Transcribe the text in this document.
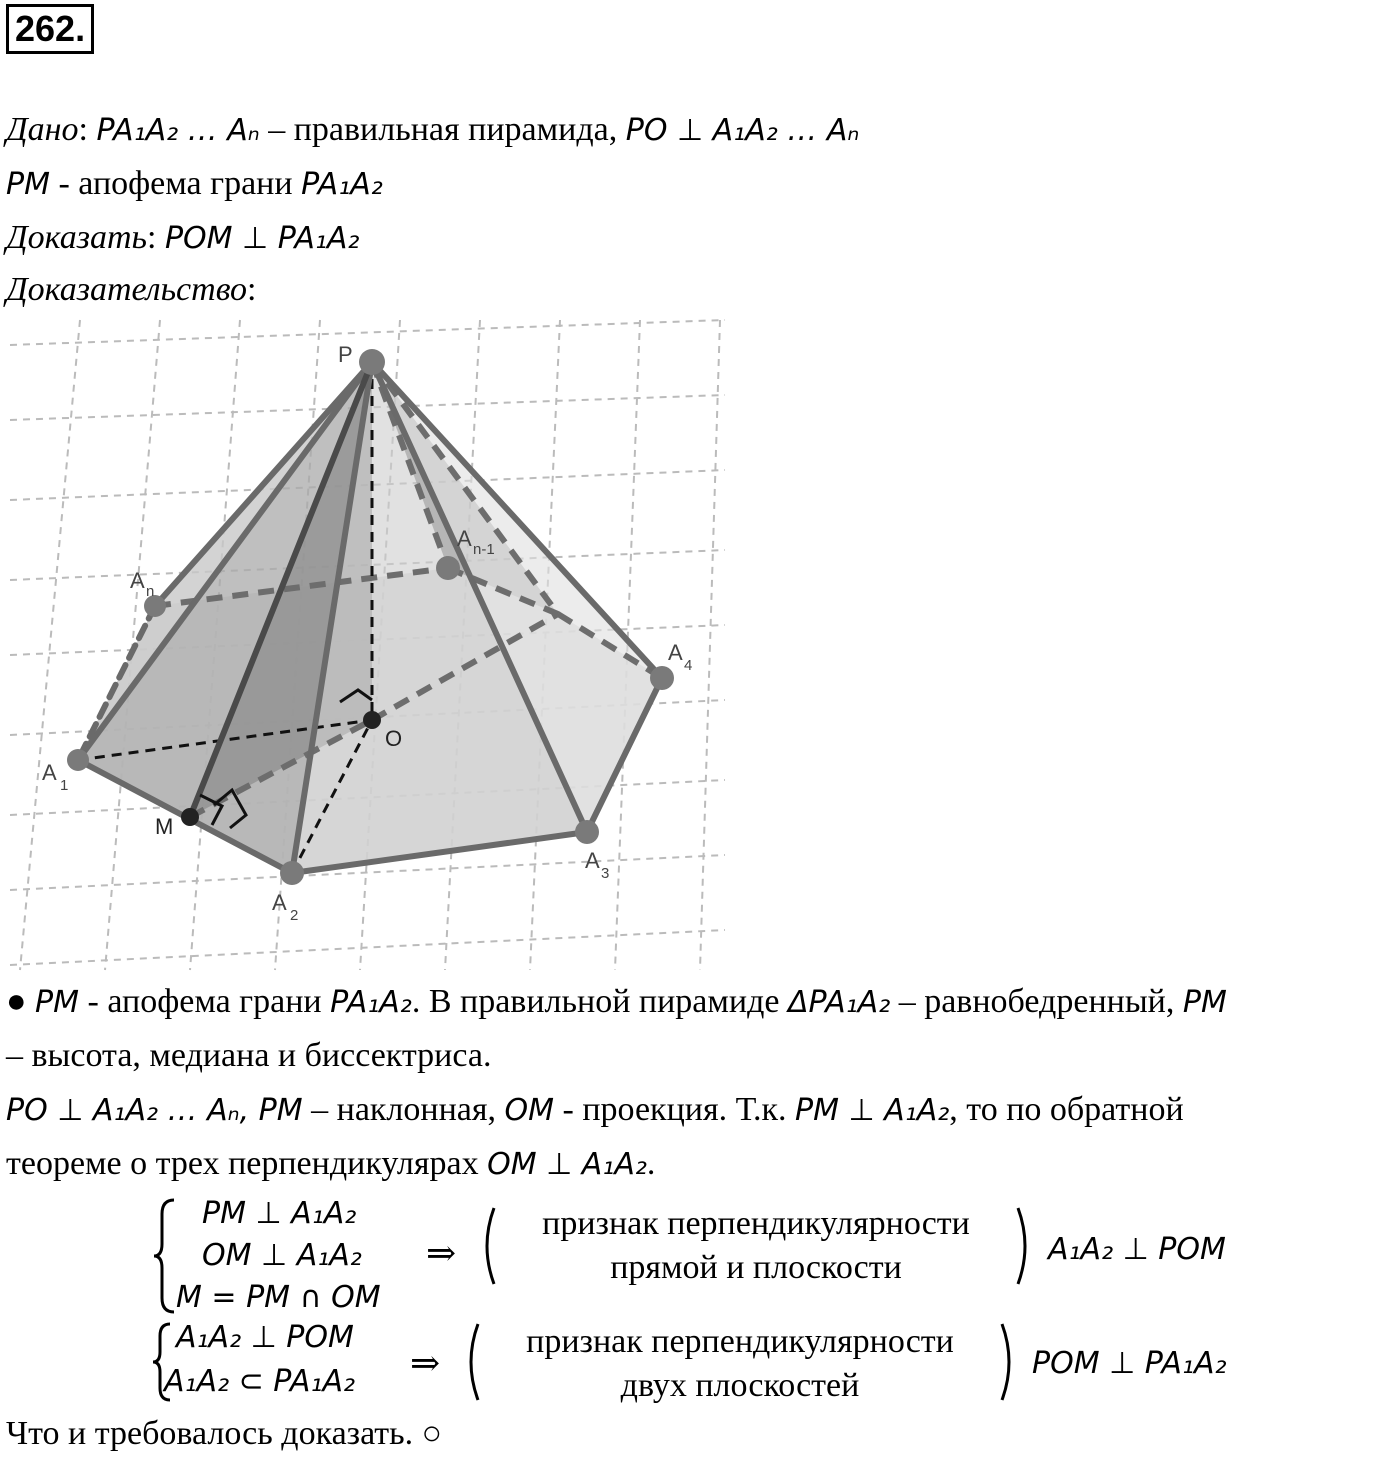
262.
Дано: PA₁A₂ … Aₙ – правильная пирамида, PO ⊥ A₁A₂ … Aₙ
PM - апофема грани PA₁A₂
Доказать: POM ⊥ PA₁A₂
Доказательство:
P
A
1
A
2
A
3
A
4
A n
A n-1
O
M
● PM - апофема грани PA₁A₂. В правильной пирамиде ΔPA₁A₂ – равнобедренный, PM
– высота, медиана и биссектриса.
PO ⊥ A₁A₂ … Aₙ, PM – наклонная, OM - проекция. Т.к. PM ⊥ A₁A₂, то по обратной
теореме о трех перпендикулярах OM ⊥ A₁A₂.
PM ⊥ A₁A₂
OM ⊥ A₁A₂
M = PM ∩ OM
⇒
признак перпендикулярности
прямой и плоскости	A₁A₂ ⊥ POM
A₁A₂ ⊥ POM
A₁A₂ ⊂ PA₁A₂ ⇒
признак перпендикулярности
двух плоскостей
POM ⊥ PA₁A₂
Что и требовалось доказать. ○
